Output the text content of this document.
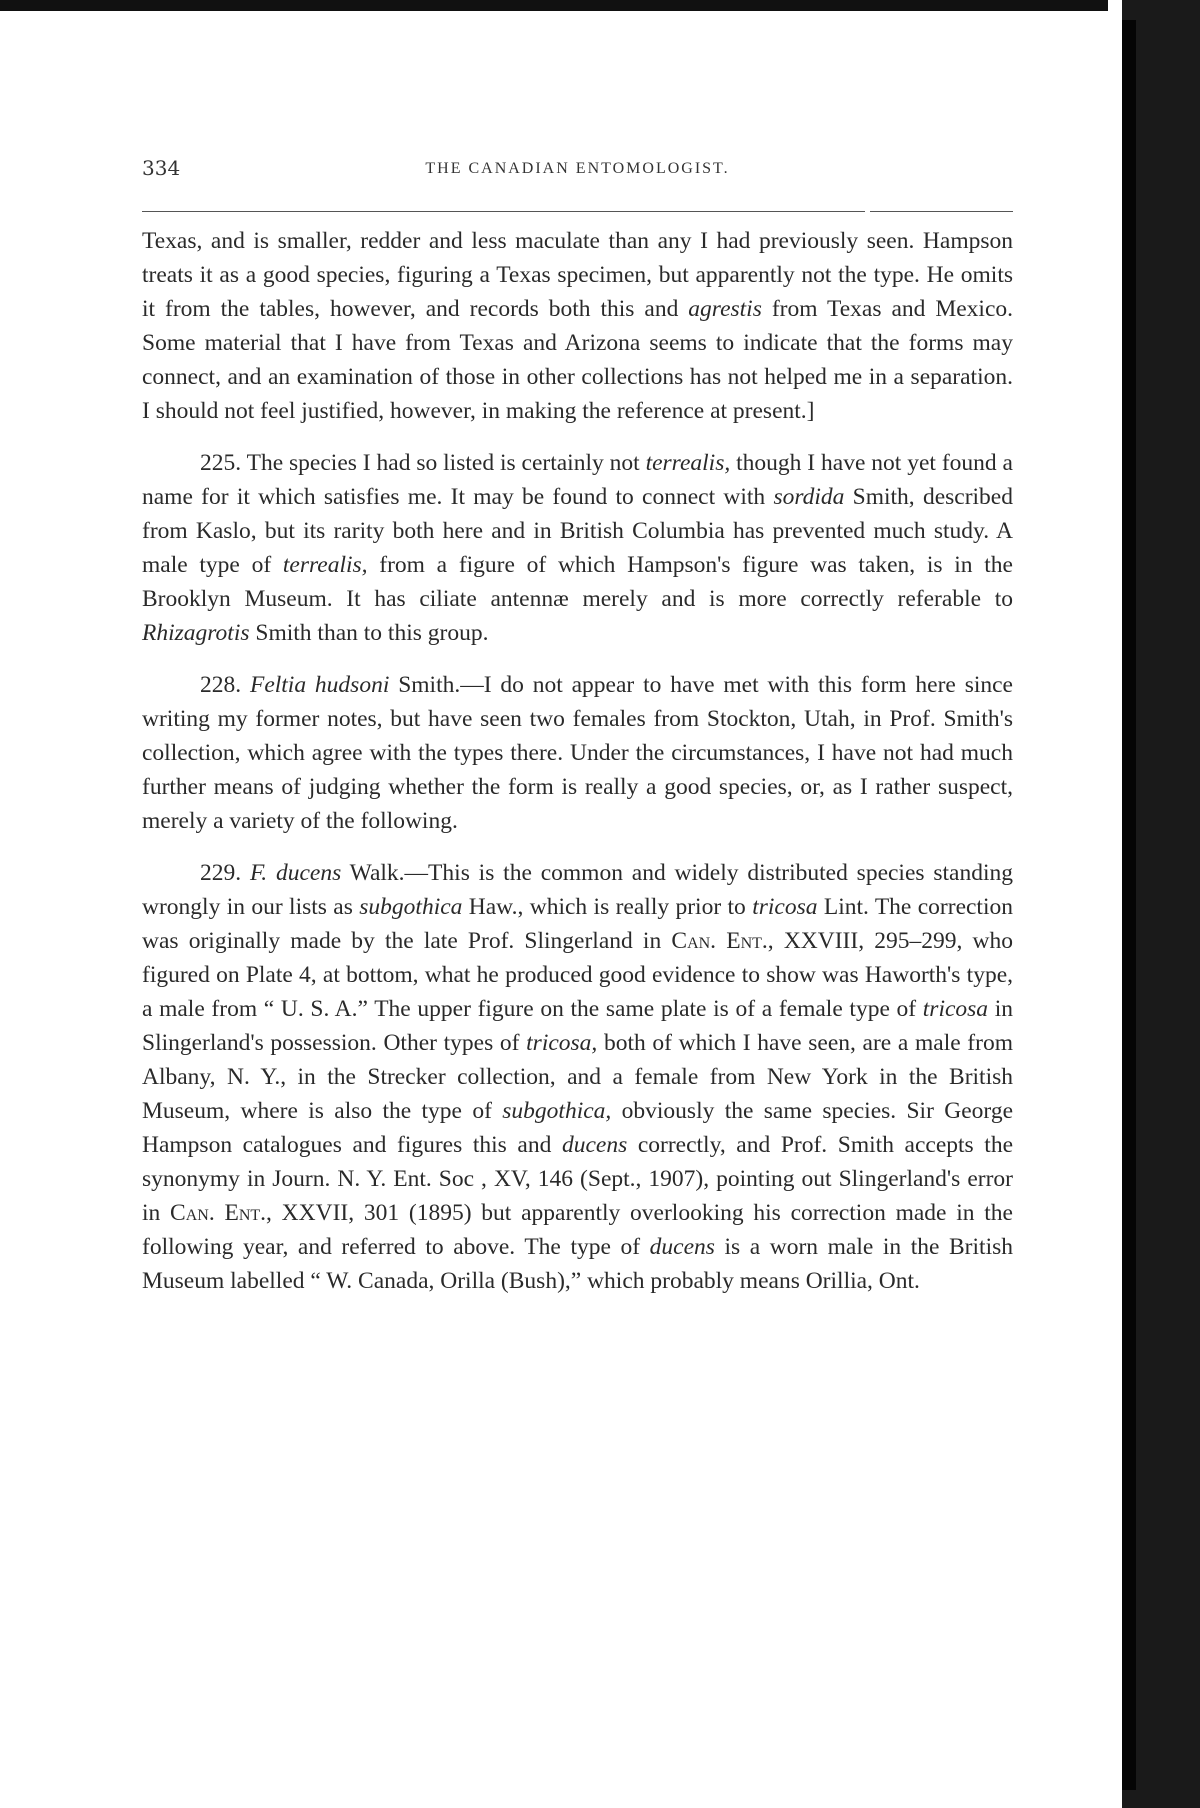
334	THE CANADIAN ENTOMOLOGIST.

Texas, and is smaller, redder and less maculate than any I had previously seen. Hampson treats it as a good species, figuring a Texas specimen, but apparently not the type. He omits it from the tables, however, and records both this and agrestis from Texas and Mexico. Some material that I have from Texas and Arizona seems to indicate that the forms may connect, and an examination of those in other collections has not helped me in a separation. I should not feel justified, however, in making the reference at present.]

225. The species I had so listed is certainly not terrealis, though I have not yet found a name for it which satisfies me. It may be found to connect with sordida Smith, described from Kaslo, but its rarity both here and in British Columbia has prevented much study. A male type of terrealis, from a figure of which Hampson's figure was taken, is in the Brooklyn Museum. It has ciliate antennæ merely and is more correctly referable to Rhizagrotis Smith than to this group.

228. Feltia hudsoni Smith.—I do not appear to have met with this form here since writing my former notes, but have seen two females from Stockton, Utah, in Prof. Smith's collection, which agree with the types there. Under the circumstances, I have not had much further means of judging whether the form is really a good species, or, as I rather suspect, merely a variety of the following.

229. F. ducens Walk.—This is the common and widely distributed species standing wrongly in our lists as subgothica Haw., which is really prior to tricosa Lint. The correction was originally made by the late Prof. Slingerland in Can. Ent., XXVIII, 295–299, who figured on Plate 4, at bottom, what he produced good evidence to show was Haworth's type, a male from “ U. S. A.” The upper figure on the same plate is of a female type of tricosa in Slingerland's possession. Other types of tricosa, both of which I have seen, are a male from Albany, N. Y., in the Strecker collection, and a female from New York in the British Museum, where is also the type of subgothica, obviously the same species. Sir George Hampson catalogues and figures this and ducens correctly, and Prof. Smith accepts the synonymy in Journ. N. Y. Ent. Soc , XV, 146 (Sept., 1907), pointing out Slingerland's error in Can. Ent., XXVII, 301 (1895) but apparently overlooking his correction made in the following year, and referred to above. The type of ducens is a worn male in the British Museum labelled “ W. Canada, Orilla (Bush),” which probably means Orillia, Ont.
